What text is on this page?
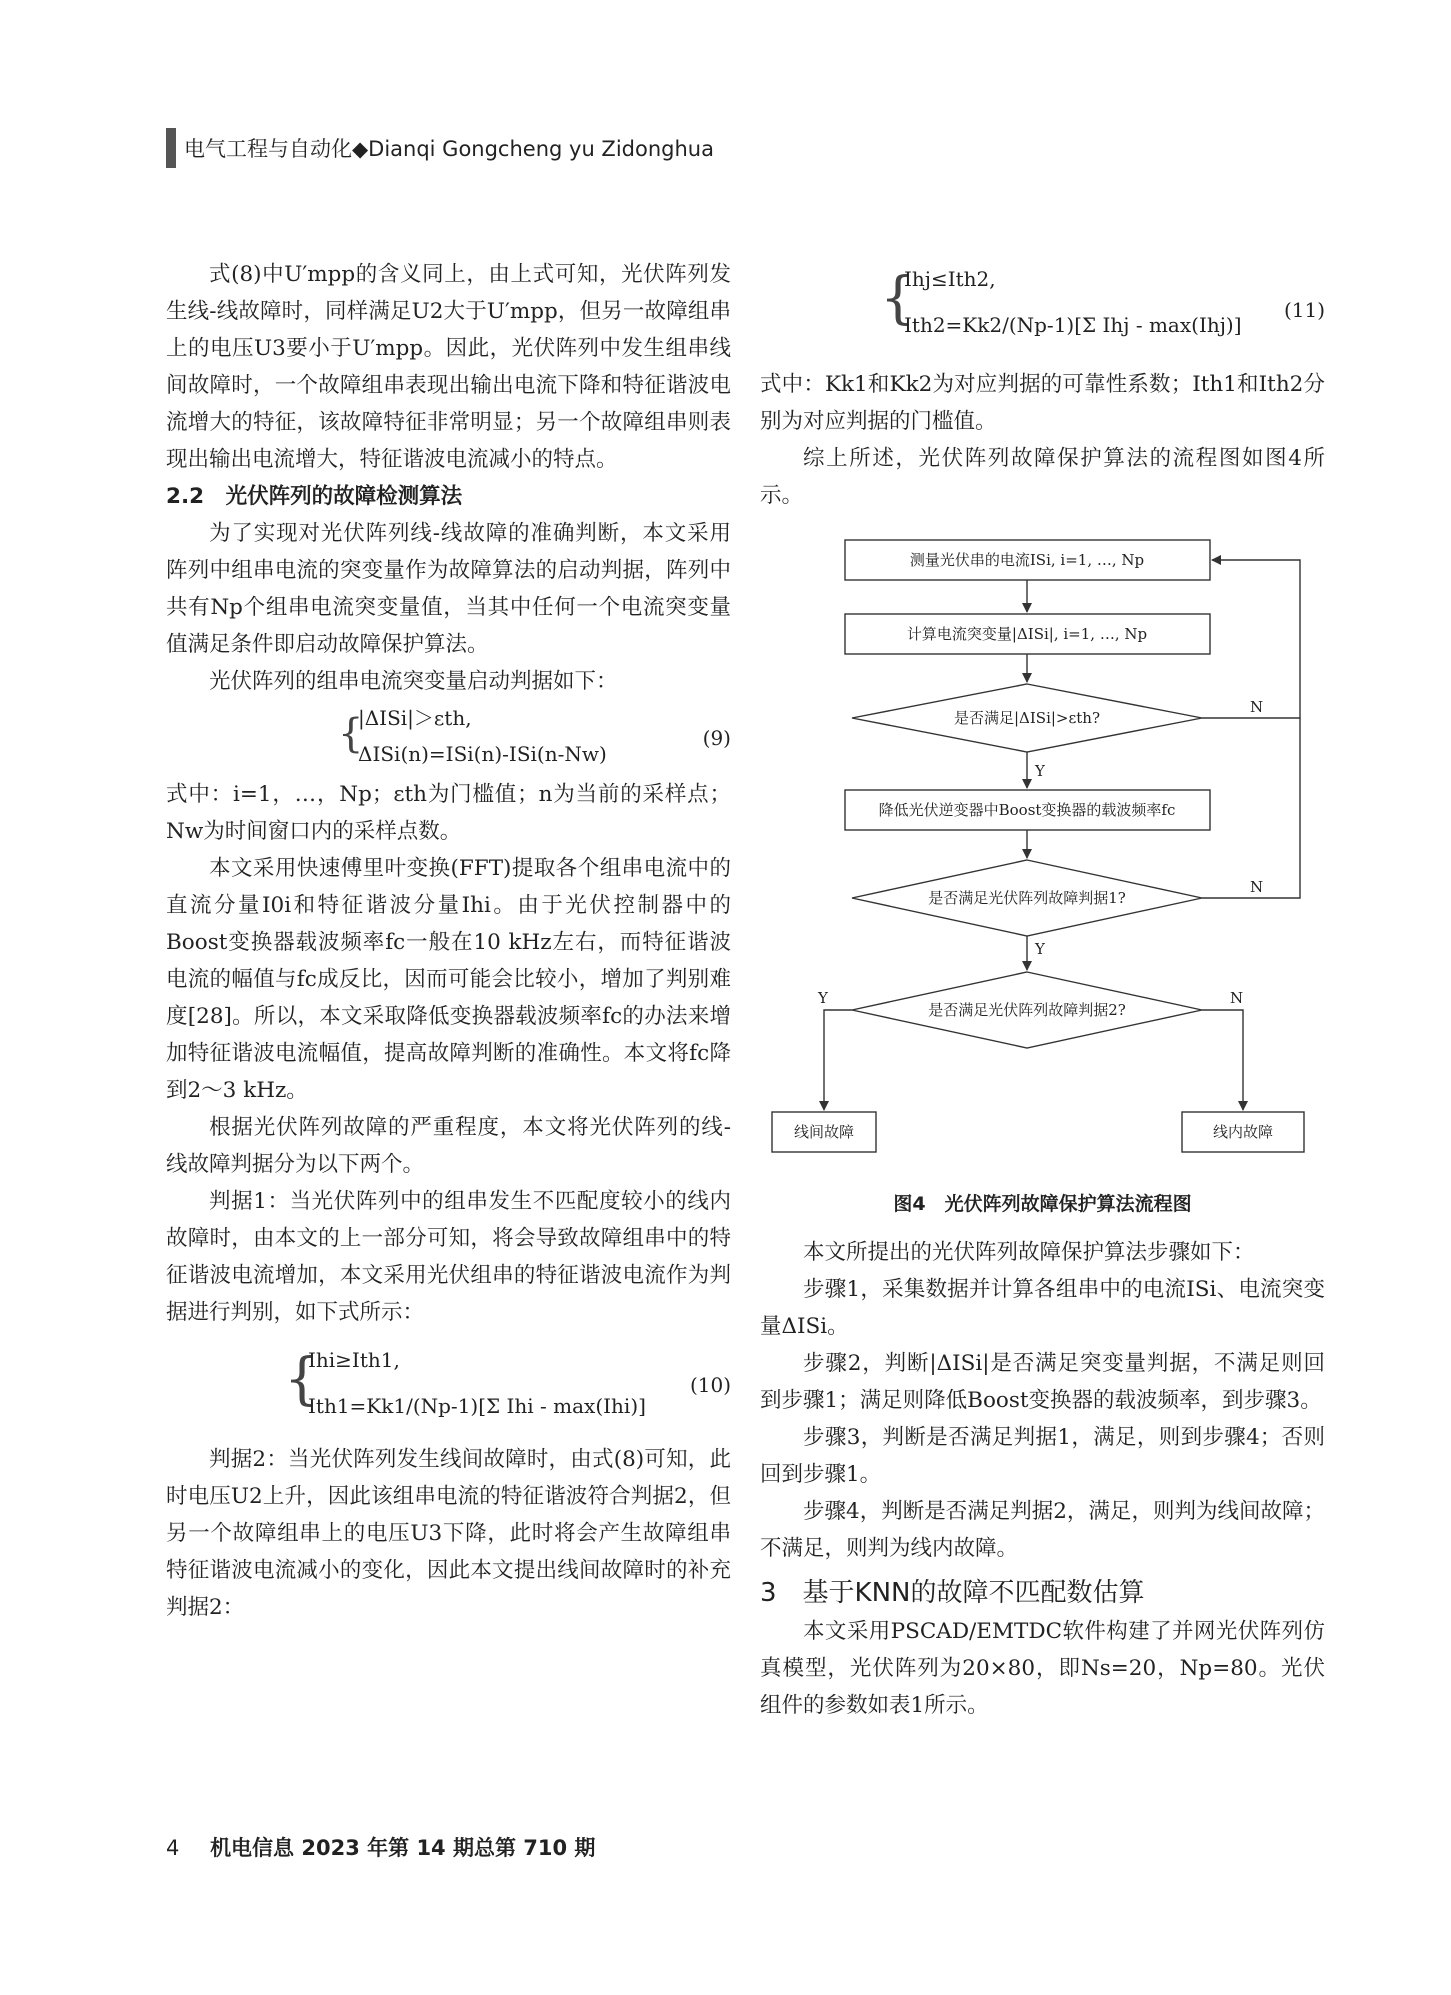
电气工程与自动化◆Dianqi Gongcheng yu Zidonghua

式(8)中U′mpp的含义同上，由上式可知，光伏阵列发生线-线故障时，同样满足U2大于U′mpp，但另一故障组串上的电压U3要小于U′mpp。因此，光伏阵列中发生组串线间故障时，一个故障组串表现出输出电流下降和特征谐波电流增大的特征，该故障特征非常明显；另一个故障组串则表现出输出电流增大，特征谐波电流减小的特点。

2.2　光伏阵列的故障检测算法

为了实现对光伏阵列线-线故障的准确判断，本文采用阵列中组串电流的突变量作为故障算法的启动判据，阵列中共有Np个组串电流突变量值，当其中任何一个电流突变量值满足条件即启动故障保护算法。

光伏阵列的组串电流突变量启动判据如下：

{
|ΔISi|＞εth,
ΔISi(n)=ISi(n)-ISi(n-Nw)
(9)

式中：i=1，…，Np；εth为门槛值；n为当前的采样点；Nw为时间窗口内的采样点数。

本文采用快速傅里叶变换(FFT)提取各个组串电流中的直流分量I0i和特征谐波分量Ihi。由于光伏控制器中的Boost变换器载波频率fc一般在10 kHz左右，而特征谐波电流的幅值与fc成反比，因而可能会比较小，增加了判别难度[28]。所以，本文采取降低变换器载波频率fc的办法来增加特征谐波电流幅值，提高故障判断的准确性。本文将fc降到2～3 kHz。

根据光伏阵列故障的严重程度，本文将光伏阵列的线-线故障判据分为以下两个。

判据1：当光伏阵列中的组串发生不匹配度较小的线内故障时，由本文的上一部分可知，将会导致故障组串中的特征谐波电流增加，本文采用光伏组串的特征谐波电流作为判据进行判别，如下式所示：

{
Ihi≥Ith1,
Ith1=Kk1/(Np-1)[Σ Ihi - max(Ihi)]
(10)

判据2：当光伏阵列发生线间故障时，由式(8)可知，此时电压U2上升，因此该组串电流的特征谐波符合判据2，但另一个故障组串上的电压U3下降，此时将会产生故障组串特征谐波电流减小的变化，因此本文提出线间故障时的补充判据2：

{
Ihj≤Ith2,
Ith2=Kk2/(Np-1)[Σ Ihj - max(Ihj)]
(11)

式中：Kk1和Kk2为对应判据的可靠性系数；Ith1和Ith2分别为对应判据的门槛值。

综上所述，光伏阵列故障保护算法的流程图如图4所示。

测量光伏串的电流ISi, i=1, …, Np
计算电流突变量|ΔISi|, i=1, …, Np
是否满足|ΔISi|>εth?
降低光伏逆变器中Boost变换器的载波频率fc
是否满足光伏阵列故障判据1?
是否满足光伏阵列故障判据2?
线间故障	线内故障
N
N
Y
Y
Y	N
图4　光伏阵列故障保护算法流程图

本文所提出的光伏阵列故障保护算法步骤如下：

步骤1，采集数据并计算各组串中的电流ISi、电流突变量ΔISi。

步骤2，判断|ΔISi|是否满足突变量判据，不满足则回到步骤1；满足则降低Boost变换器的载波频率，到步骤3。

步骤3，判断是否满足判据1，满足，则到步骤4；否则回到步骤1。

步骤4，判断是否满足判据2，满足，则判为线间故障；不满足，则判为线内故障。

3　基于KNN的故障不匹配数估算

本文采用PSCAD/EMTDC软件构建了并网光伏阵列仿真模型，光伏阵列为20×80，即Ns=20，Np=80。光伏组件的参数如表1所示。

4 机电信息 2023 年第 14 期总第 710 期
